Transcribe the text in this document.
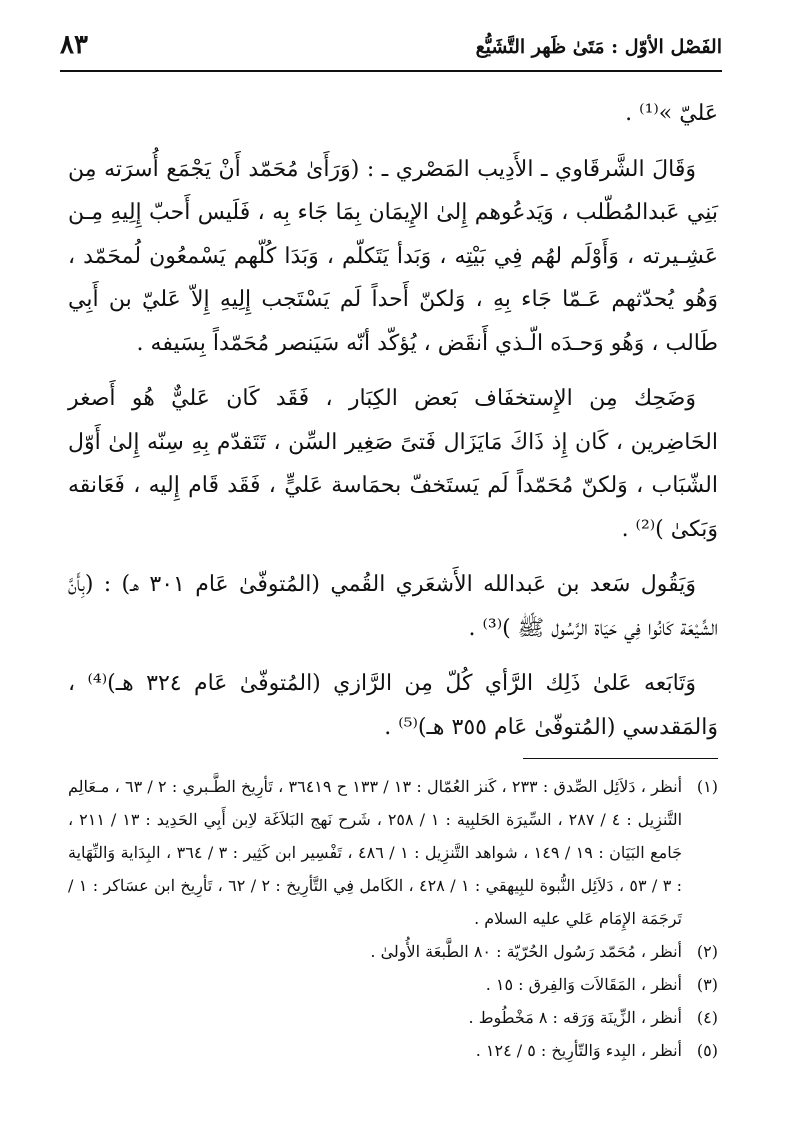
الفَصْل الأوّل : مَتَىٰ ظَهر التَّشَيُّع
٨٣

عَليّ »⁽¹⁾ .

وَقَالَ الشَّرقَاوي ـ الأَدِيب المَصْري ـ : (وَرَأَىٰ مُحَمّد أَنْ يَجْمَع أُسرَته مِن بَنِي عَبدالمُطّلب ، وَيَدعُوهم إِلىٰ الإِيمَان بِمَا جَاء بِه ، فَلَيس أَحبّ إِلِيهِ مِـن عَشِـيرته ، وَأَوْلَم لهُم فِي بَيْتِه ، وَبَدأ يَتَكلّم ، وَبَدَا كُلّهم يَسْمعُون لُمحَمّد ، وَهُو يُحدّثهم عَـمّا جَاء بِهِ ، وَلكنّ أَحداً لَم يَسْتَجب إِلِيهِ إِلاّ عَليّ بن أَبِي طَالب ، وَهُو وَحـدَه الّـذي أَنقَض ، يُؤكّد أنّه سَيَنصر مُحَمّداً بِسَيفه .

وَضَحِك مِن الإِستخفَاف بَعض الكِبَار ، فَقَد كَان عَليٌّ هُو أَصغر الحَاضِرين ، كَان إِذ ذَاكَ مَايَزَال فَتىً صَغِير السِّن ، تَتَقدّم بِهِ سِنّه إِلىٰ أَوّل الشّبَاب ، وَلكنّ مُحَمّداً لَم يَستَخفّ بحمَاسة عَليٍّ ، فَقَد قَام إِليه ، فَعَانقه وَبَكىٰ )⁽²⁾ .

وَيَقُول سَعد بن عَبدالله الأَشعَري القُمي (المُتوفّىٰ عَام ٣٠١ هـ) : (بِأَنَّ الشِّيْعَة كَانُوا فِي حَيَاة الرَّسُول ﷺ )⁽³⁾ .

وَتَابَعه عَلىٰ ذَلِك الرَّأي كُلّ مِن الرَّازي (المُتوفّىٰ عَام ٣٢٤ هـ)⁽⁴⁾ ، وَالمَقدسي (المُتوفّىٰ عَام ٣٥٥ هـ)⁽⁵⁾ .

(١)
أنظر ، دَلاَئِل الصِّدق : ٢٣٣ ، كَنز العُمّال : ١٣ / ١٣٣ ح ٣٦٤١٩ ، تَأرِيخ الطَّـبري : ٢ / ٦٣ ، مـعَالِم التَّنزِيل : ٤ / ٢٨٧ ، السِّيرَة الحَلبِية : ١ / ٢٥٨ ، شَرح نَهج البَلاَغَة لاِبن أَبِي الحَدِيد : ١٣ / ٢١١ ، جَامع البَيَان : ١٩ / ١٤٩ ، شواهد التَّنزِيل : ١ / ٤٨٦ ، تَفْسِير ابن كَثِير : ٣ / ٣٦٤ ، البِدَاية وَالنِّهَاية : ٣ / ٥٣ ، دَلاَئِل النُّبوة للبِيهقي : ١ / ٤٢٨ ، الكَامل فِي التَّأرِيخ : ٢ / ٦٢ ، تَأرِيخ ابن عسَاكر : ١ / تَرجَمَة الإِمَام عَلي عليه السلام .
(٢)
أنظر ، مُحَمّد رَسُول الحُرّيّة : ٨٠ الطَّبعَة الأُولىٰ .
(٣)
أنظر ، المَقَالاَت وَالفِرق : ١٥ .
(٤)
أنظر ، الزِّينَة وَرَقه : ٨ مَخْطُوط .
(٥)
أنظر ، البِدء وَالتّأرِيخ : ٥ / ١٢٤ .
